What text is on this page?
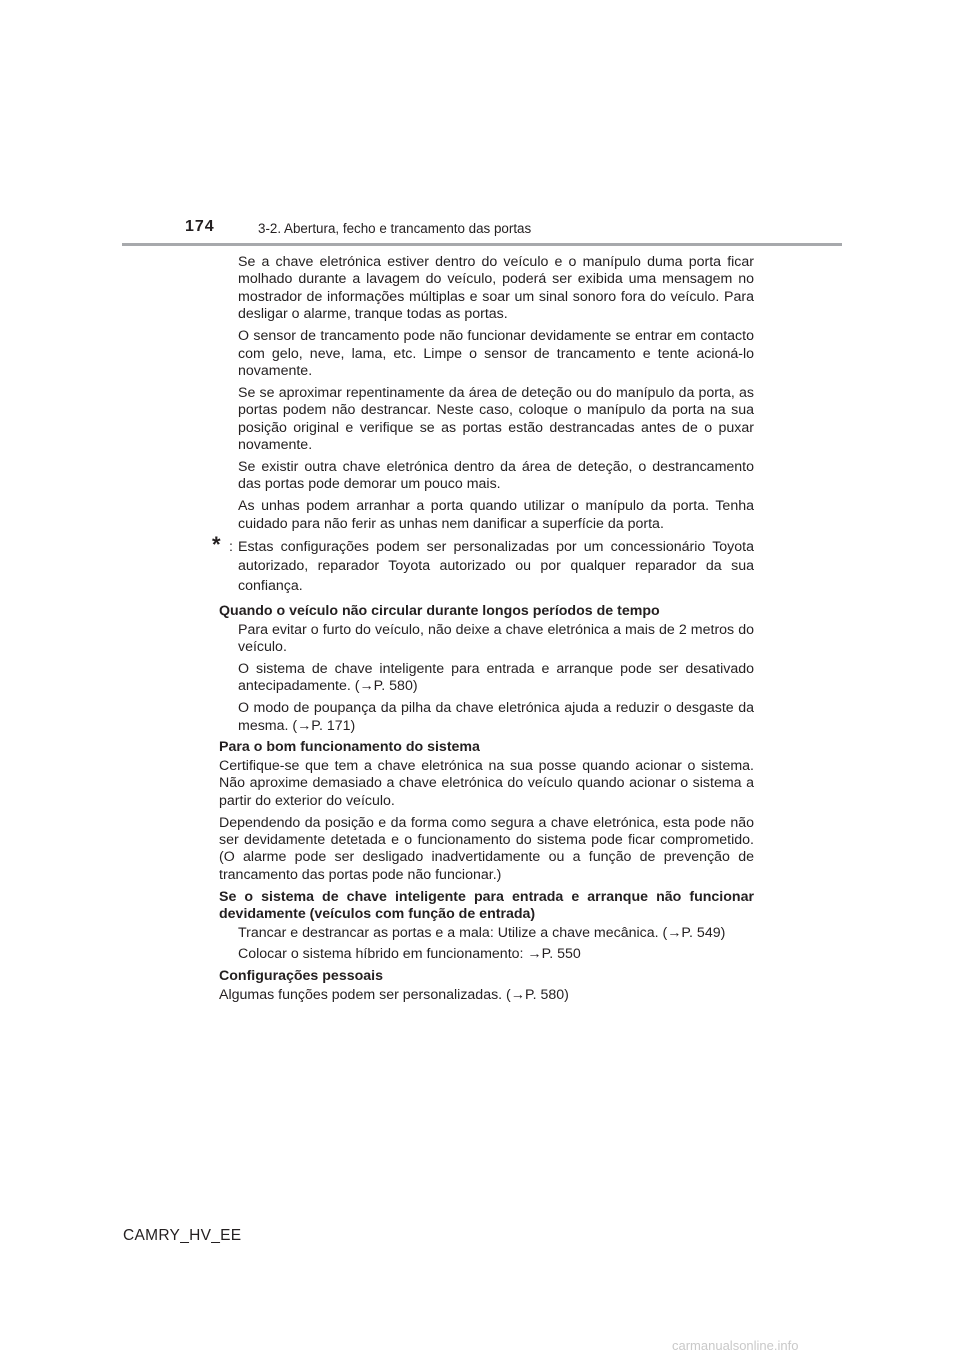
174	3-2. Abertura, fecho e trancamento das portas

Se a chave eletrónica estiver dentro do veículo e o manípulo duma porta ficar molhado durante a lavagem do veículo, poderá ser exibida uma mensagem no mostrador de informações múltiplas e soar um sinal sonoro fora do veículo. Para desligar o alarme, tranque todas as portas.

O sensor de trancamento pode não funcionar devidamente se entrar em contacto com gelo, neve, lama, etc. Limpe o sensor de trancamento e tente acioná-lo novamente.

Se se aproximar repentinamente da área de deteção ou do manípulo da porta, as portas podem não destrancar. Neste caso, coloque o manípulo da porta na sua posição original e verifique se as portas estão destrancadas antes de o puxar novamente.

Se existir outra chave eletrónica dentro da área de deteção, o destrancamento das portas pode demorar um pouco mais.

As unhas podem arranhar a porta quando utilizar o manípulo da porta. Tenha cuidado para não ferir as unhas nem danificar a superfície da porta.

* : Estas configurações podem ser personalizadas por um concessionário Toyota autorizado, reparador Toyota autorizado ou por qualquer reparador da sua confiança.

Quando o veículo não circular durante longos períodos de tempo

Para evitar o furto do veículo, não deixe a chave eletrónica a mais de 2 metros do veículo.

O sistema de chave inteligente para entrada e arranque pode ser desativado antecipadamente. (→P. 580)

O modo de poupança da pilha da chave eletrónica ajuda a reduzir o desgaste da mesma. (→P. 171)

Para o bom funcionamento do sistema

Certifique-se que tem a chave eletrónica na sua posse quando acionar o sistema. Não aproxime demasiado a chave eletrónica do veículo quando acionar o sistema a partir do exterior do veículo.

Dependendo da posição e da forma como segura a chave eletrónica, esta pode não ser devidamente detetada e o funcionamento do sistema pode ficar comprometido. (O alarme pode ser desligado inadvertidamente ou a função de prevenção de trancamento das portas pode não funcionar.)

Se o sistema de chave inteligente para entrada e arranque não funcionar devidamente (veículos com função de entrada)

Trancar e destrancar as portas e a mala: Utilize a chave mecânica. (→P. 549)

Colocar o sistema híbrido em funcionamento: →P. 550

Configurações pessoais

Algumas funções podem ser personalizadas. (→P. 580)

CAMRY_HV_EE
carmanualsonline.info
